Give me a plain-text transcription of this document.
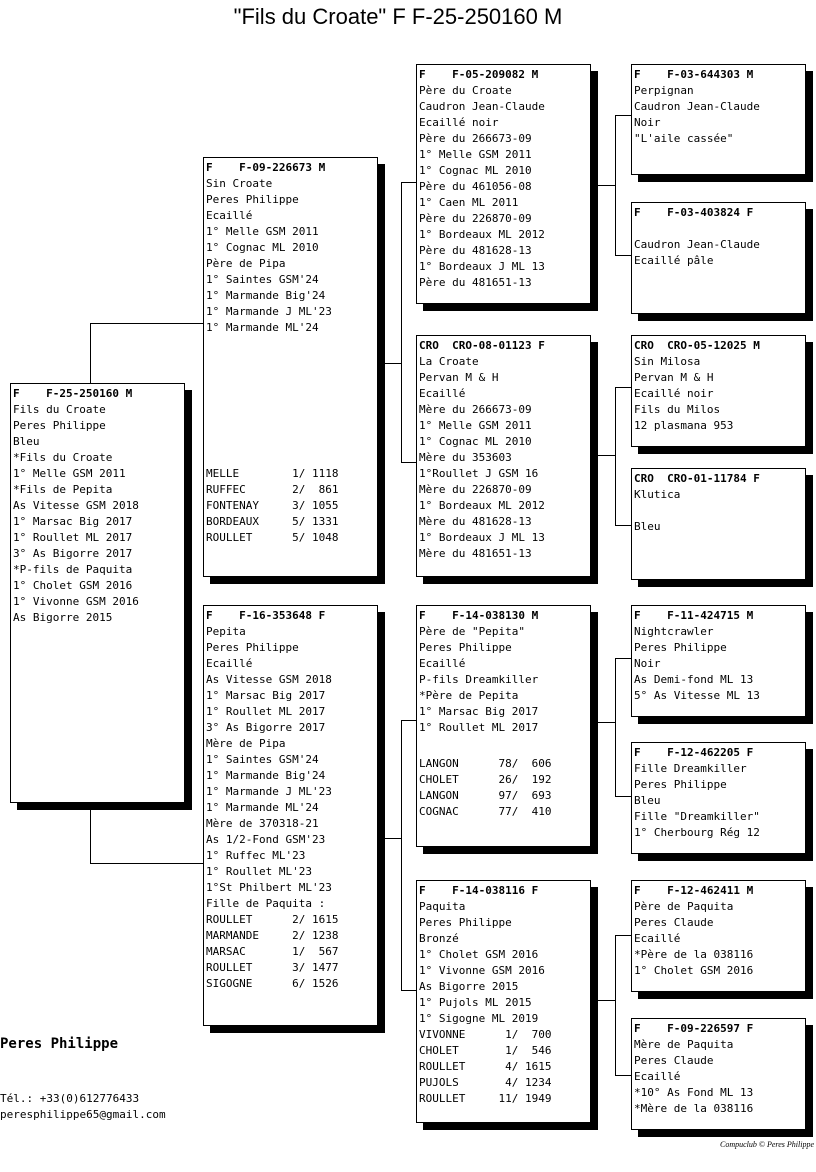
"Fils du Croate" F F-25-250160 M
F    F-25-250160 M
Fils du Croate
Peres Philippe
Bleu
*Fils du Croate
1° Melle GSM 2011
*Fils de Pepita
As Vitesse GSM 2018
1° Marsac Big 2017
1° Roullet ML 2017
3° As Bigorre 2017
*P-fils de Paquita
1° Cholet GSM 2016
1° Vivonne GSM 2016
As Bigorre 2015
F    F-09-226673 M
Sin Croate
Peres Philippe
Ecaillé
1° Melle GSM 2011
1° Cognac ML 2010
Père de Pipa
1° Saintes GSM'24
1° Marmande Big'24
1° Marmande J ML'23
1° Marmande ML'24
MELLE        1/ 1118
RUFFEC       2/  861
FONTENAY     3/ 1055
BORDEAUX     5/ 1331
ROULLET      5/ 1048
F    F-16-353648 F
Pepita
Peres Philippe
Ecaillé
As Vitesse GSM 2018
1° Marsac Big 2017
1° Roullet ML 2017
3° As Bigorre 2017
Mère de Pipa
1° Saintes GSM'24
1° Marmande Big'24
1° Marmande J ML'23
1° Marmande ML'24
Mère de 370318-21
As 1/2-Fond GSM'23
1° Ruffec ML'23
1° Roullet ML'23
1°St Philbert ML'23
Fille de Paquita :
ROULLET      2/ 1615
MARMANDE     2/ 1238
MARSAC       1/  567
ROULLET      3/ 1477
SIGOGNE      6/ 1526
F    F-05-209082 M
Père du Croate
Caudron Jean-Claude
Ecaillé noir
Père du 266673-09
1° Melle GSM 2011
1° Cognac ML 2010
Père du 461056-08
1° Caen ML 2011
Père du 226870-09
1° Bordeaux ML 2012
Père du 481628-13
1° Bordeaux J ML 13
Père du 481651-13
CRO  CRO-08-01123 F
La Croate
Pervan M & H
Ecaillé
Mère du 266673-09
1° Melle GSM 2011
1° Cognac ML 2010
Mère du 353603
1°Roullet J GSM 16
Mère du 226870-09
1° Bordeaux ML 2012
Mère du 481628-13
1° Bordeaux J ML 13
Mère du 481651-13
F    F-14-038130 M
Père de "Pepita"
Peres Philippe
Ecaillé
P-fils Dreamkiller
*Père de Pepita
1° Marsac Big 2017
1° Roullet ML 2017
LANGON      78/  606
CHOLET      26/  192
LANGON      97/  693
COGNAC      77/  410
F    F-14-038116 F
Paquita
Peres Philippe
Bronzé
1° Cholet GSM 2016
1° Vivonne GSM 2016
As Bigorre 2015
1° Pujols ML 2015
1° Sigogne ML 2019
VIVONNE      1/  700
CHOLET       1/  546
ROULLET      4/ 1615
PUJOLS       4/ 1234
ROULLET     11/ 1949
F    F-03-644303 M
Perpignan
Caudron Jean-Claude
Noir
"L'aile cassée"
F    F-03-403824 F
Caudron Jean-Claude
Ecaillé pâle
CRO  CRO-05-12025 M
Sin Milosa
Pervan M & H
Ecaillé noir
Fils du Milos
12 plasmana 953
CRO  CRO-01-11784 F
Klutica
Bleu
F    F-11-424715 M
Nightcrawler
Peres Philippe
Noir
As Demi-fond ML 13
5° As Vitesse ML 13
F    F-12-462205 F
Fille Dreamkiller
Peres Philippe
Bleu
Fille "Dreamkiller"
1° Cherbourg Rég 12
F    F-12-462411 M
Père de Paquita
Peres Claude
Ecaillé
*Père de la 038116
1° Cholet GSM 2016
F    F-09-226597 F
Mère de Paquita
Peres Claude
Ecaillé
*10° As Fond ML 13
*Mère de la 038116
Peres Philippe
Tél.: +33(0)612776433
peresphilippe65@gmail.com
Compuclub © Peres Philippe
